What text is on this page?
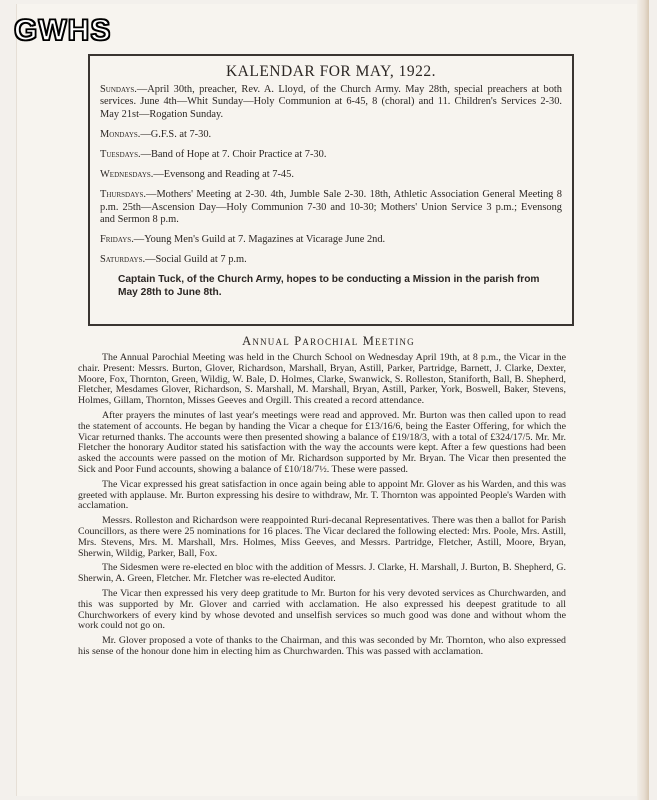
GWHS
KALENDAR FOR MAY, 1922.
Sundays.—April 30th, preacher, Rev. A. Lloyd, of the Church Army. May 28th, special preachers at both services. June 4th—Whit Sunday—Holy Communion at 6-45, 8 (choral) and 11. Children's Services 2-30. May 21st—Rogation Sunday.
Mondays.—G.F.S. at 7-30.
Tuesdays.—Band of Hope at 7. Choir Practice at 7-30.
Wednesdays.—Evensong and Reading at 7-45.
Thursdays.—Mothers' Meeting at 2-30. 4th, Jumble Sale 2-30. 18th, Athletic Association General Meeting 8 p.m. 25th—Ascension Day—Holy Communion 7-30 and 10-30; Mothers' Union Service 3 p.m.; Evensong and Sermon 8 p.m.
Fridays.—Young Men's Guild at 7. Magazines at Vicarage June 2nd.
Saturdays.—Social Guild at 7 p.m.
Captain Tuck, of the Church Army, hopes to be conducting a Mission in the parish from May 28th to June 8th.
Annual Parochial Meeting

The Annual Parochial Meeting was held in the Church School on Wednesday April 19th, at 8 p.m., the Vicar in the chair. Present: Messrs. Burton, Glover, Richardson, Marshall, Bryan, Astill, Parker, Partridge, Barnett, J. Clarke, Dexter, Moore, Fox, Thornton, Green, Wildig, W. Bale, D. Holmes, Clarke, Swanwick, S. Rolleston, Staniforth, Ball, B. Shepherd, Fletcher, Mesdames Glover, Richardson, S. Marshall, M. Marshall, Bryan, Astill, Parker, York, Boswell, Baker, Stevens, Holmes, Gillam, Thornton, Misses Geeves and Orgill. This created a record attendance.

After prayers the minutes of last year's meetings were read and approved. Mr. Burton was then called upon to read the statement of accounts. He began by handing the Vicar a cheque for £13/16/6, being the Easter Offering, for which the Vicar returned thanks. The accounts were then presented showing a balance of £19/18/3, with a total of £324/17/5. Mr. Mr. Fletcher the honorary Auditor stated his satisfaction with the way the accounts were kept. After a few questions had been asked the accounts were passed on the motion of Mr. Richardson supported by Mr. Bryan. The Vicar then presented the Sick and Poor Fund accounts, showing a balance of £10/18/7½. These were passed.

The Vicar expressed his great satisfaction in once again being able to appoint Mr. Glover as his Warden, and this was greeted with applause. Mr. Burton expressing his desire to withdraw, Mr. T. Thornton was appointed People's Warden with acclamation.

Messrs. Rolleston and Richardson were reappointed Ruri-decanal Representatives. There was then a ballot for Parish Councillors, as there were 25 nominations for 16 places. The Vicar declared the following elected: Mrs. Poole, Mrs. Astill, Mrs. Stevens, Mrs. M. Marshall, Mrs. Holmes, Miss Geeves, and Messrs. Partridge, Fletcher, Astill, Moore, Bryan, Sherwin, Wildig, Parker, Ball, Fox.

The Sidesmen were re-elected en bloc with the addition of Messrs. J. Clarke, H. Marshall, J. Burton, B. Shepherd, G. Sherwin, A. Green, Fletcher. Mr. Fletcher was re-elected Auditor.

The Vicar then expressed his very deep gratitude to Mr. Burton for his very devoted services as Churchwarden, and this was supported by Mr. Glover and carried with acclamation. He also expressed his deepest gratitude to all Churchworkers of every kind by whose devoted and unselfish services so much good was done and without whom the work could not go on.

Mr. Glover proposed a vote of thanks to the Chairman, and this was seconded by Mr. Thornton, who also expressed his sense of the honour done him in electing him as Churchwarden. This was passed with acclamation.
